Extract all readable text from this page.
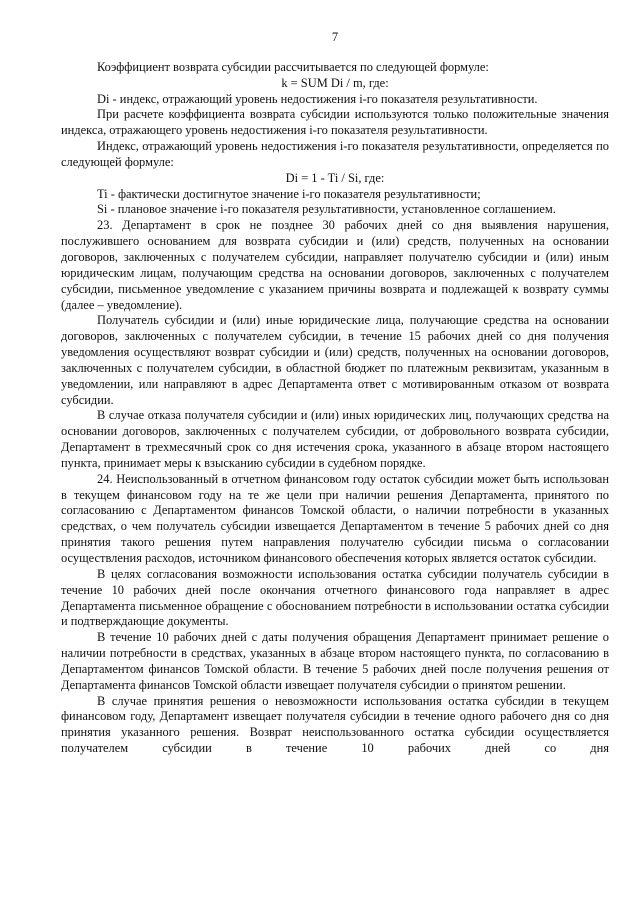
7

Коэффициент возврата субсидии рассчитывается по следующей формуле:

k = SUM Di / m, где:

Di - индекс, отражающий уровень недостижения i-го показателя результативности.

При расчете коэффициента возврата субсидии используются только положительные значения индекса, отражающего уровень недостижения i-го показателя результативности.

Индекс, отражающий уровень недостижения i-го показателя результативности, определяется по следующей формуле:

Di = 1 - Ti / Si, где:

Ti - фактически достигнутое значение i-го показателя результативности;

Si - плановое значение i-го показателя результативности, установленное соглашением.

23. Департамент в срок не позднее 30 рабочих дней со дня выявления нарушения, послужившего основанием для возврата субсидии и (или) средств, полученных на основании договоров, заключенных с получателем субсидии, направляет получателю субсидии и (или) иным юридическим лицам, получающим средства на основании договоров, заключенных с получателем субсидии, письменное уведомление с указанием причины возврата и подлежащей к возврату суммы (далее – уведомление).

Получатель субсидии и (или) иные юридические лица, получающие средства на основании договоров, заключенных с получателем субсидии, в течение 15 рабочих дней со дня получения уведомления осуществляют возврат субсидии и (или) средств, полученных на основании договоров, заключенных с получателем субсидии, в областной бюджет по платежным реквизитам, указанным в уведомлении, или направляют в адрес Департамента ответ с мотивированным отказом от возврата субсидии.

В случае отказа получателя субсидии и (или) иных юридических лиц, получающих средства на основании договоров, заключенных с получателем субсидии, от добровольного возврата субсидии, Департамент в трехмесячный срок со дня истечения срока, указанного в абзаце втором настоящего пункта, принимает меры к взысканию субсидии в судебном порядке.

24. Неиспользованный в отчетном финансовом году остаток субсидии может быть использован в текущем финансовом году на те же цели при наличии решения Департамента, принятого по согласованию с Департаментом финансов Томской области, о наличии потребности в указанных средствах, о чем получатель субсидии извещается Департаментом в течение 5 рабочих дней со дня принятия такого решения путем направления получателю субсидии письма о согласовании осуществления расходов, источником финансового обеспечения которых является остаток субсидии.

В целях согласования возможности использования остатка субсидии получатель субсидии в течение 10 рабочих дней после окончания отчетного финансового года направляет в адрес Департамента письменное обращение с обоснованием потребности в использовании остатка субсидии и подтверждающие документы.

В течение 10 рабочих дней с даты получения обращения Департамент принимает решение о наличии потребности в средствах, указанных в абзаце втором настоящего пункта, по согласованию в Департаментом финансов Томской области. В течение 5 рабочих дней после получения решения от Департамента финансов Томской области извещает получателя субсидии о принятом решении.

В случае принятия решения о невозможности использования остатка субсидии в текущем финансовом году, Департамент извещает получателя субсидии в течение одного рабочего дня со дня принятия указанного решения. Возврат неиспользованного остатка субсидии осуществляется получателем субсидии в течение 10 рабочих дней со дня
